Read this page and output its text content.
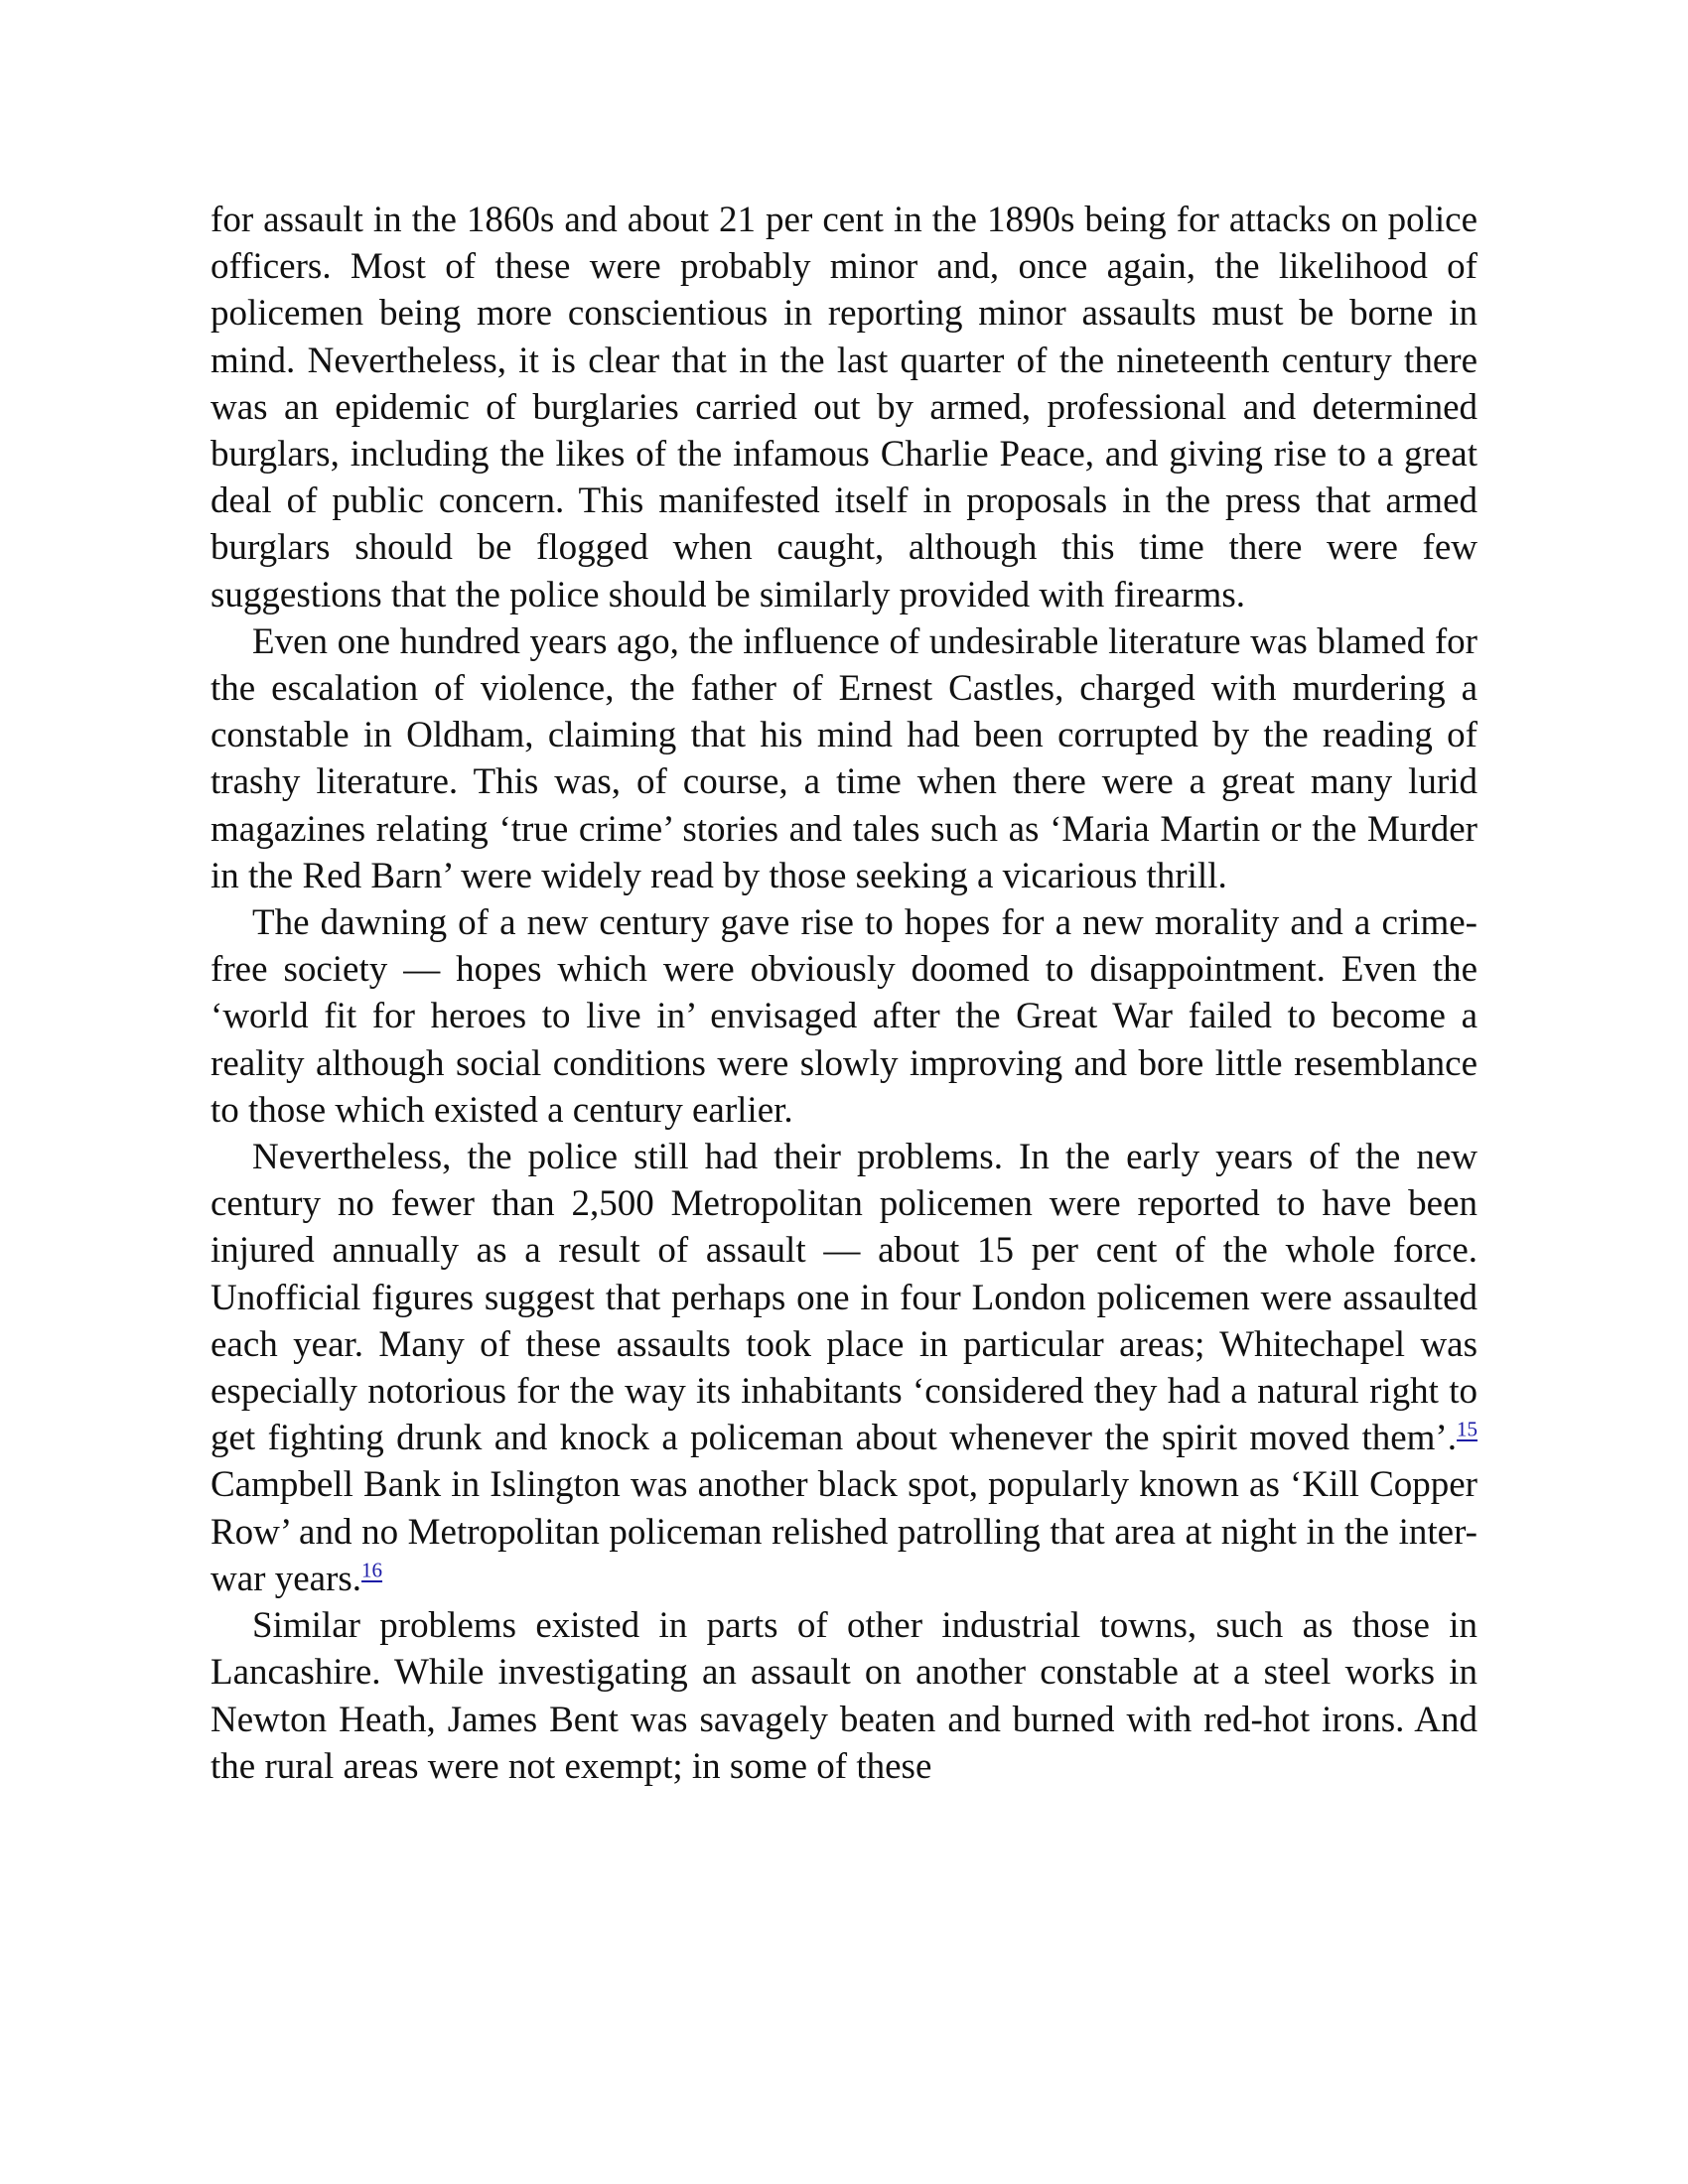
for assault in the 1860s and about 21 per cent in the 1890s being for attacks on police officers. Most of these were probably minor and, once again, the likelihood of policemen being more conscientious in reporting minor assaults must be borne in mind. Nevertheless, it is clear that in the last quarter of the nineteenth century there was an epidemic of burglaries carried out by armed, professional and determined burglars, including the likes of the infamous Charlie Peace, and giving rise to a great deal of public concern. This manifested itself in proposals in the press that armed burglars should be flogged when caught, although this time there were few suggestions that the police should be similarly provided with firearms.

Even one hundred years ago, the influence of undesirable literature was blamed for the escalation of violence, the father of Ernest Castles, charged with murdering a constable in Oldham, claiming that his mind had been corrupted by the reading of trashy literature. This was, of course, a time when there were a great many lurid magazines relating ‘true crime’ stories and tales such as ‘Maria Martin or the Murder in the Red Barn’ were widely read by those seeking a vicarious thrill.

The dawning of a new century gave rise to hopes for a new morality and a crime-free society — hopes which were obviously doomed to disappointment. Even the ‘world fit for heroes to live in’ envisaged after the Great War failed to become a reality although social conditions were slowly improving and bore little resemblance to those which existed a century earlier.

Nevertheless, the police still had their problems. In the early years of the new century no fewer than 2,500 Metropolitan policemen were reported to have been injured annually as a result of assault — about 15 per cent of the whole force. Unofficial figures suggest that perhaps one in four London policemen were assaulted each year. Many of these assaults took place in particular areas; Whitechapel was especially notorious for the way its inhabitants ‘considered they had a natural right to get fighting drunk and knock a policeman about whenever the spirit moved them’.$^{15}$ Campbell Bank in Islington was another black spot, popularly known as ‘Kill Copper Row’ and no Metropolitan policeman relished patrolling that area at night in the inter-war years.$^{16}$

Similar problems existed in parts of other industrial towns, such as those in Lancashire. While investigating an assault on another constable at a steel works in Newton Heath, James Bent was savagely beaten and burned with red-hot irons. And the rural areas were not exempt; in some of these
